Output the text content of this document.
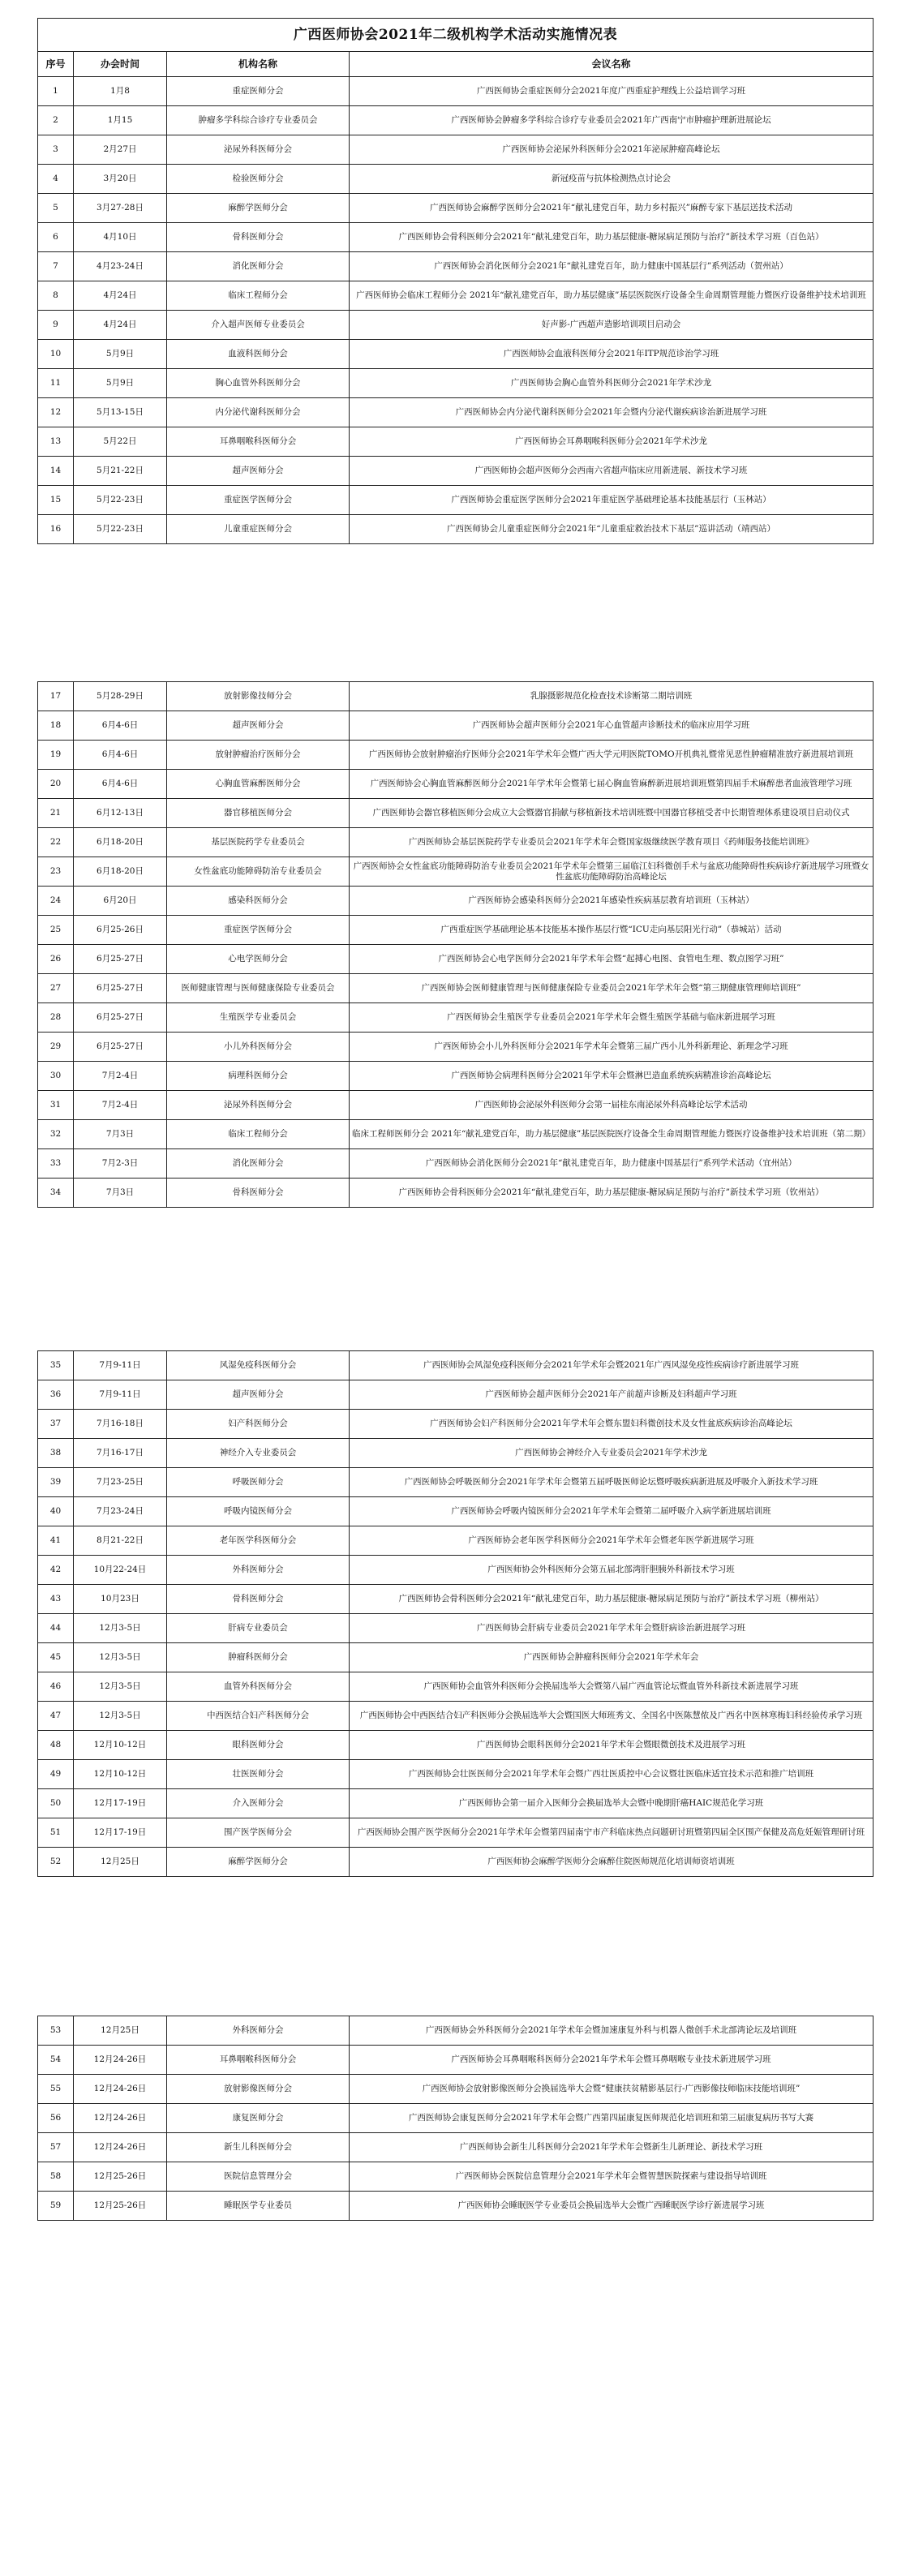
广西医师协会2021年二级机构学术活动实施情况表			
序号	办会时间	机构名称	会议名称
1	1月8	重症医师分会	广西医师协会重症医师分会2021年度广西重症护理线上公益培训学习班
2	1月15	肿瘤多学科综合诊疗专业委员会	广西医师协会肿瘤多学科综合诊疗专业委员会2021年广西南宁市肿瘤护理新进展论坛
3	2月27日	泌尿外科医师分会	广西医师协会泌尿外科医师分会2021年泌尿肿瘤高峰论坛
4	3月20日	检验医师分会	新冠疫苗与抗体检测热点讨论会
5	3月27-28日	麻醉学医师分会	广西医师协会麻醉学医师分会2021年“献礼建党百年，助力乡村振兴”麻醉专家下基层送技术活动
6	4月10日	骨科医师分会	广西医师协会骨科医师分会2021年“献礼建党百年，助力基层健康-糖尿病足预防与治疗”新技术学习班（百色站）
7	4月23-24日	消化医师分会	广西医师协会消化医师分会2021年“献礼建党百年，助力健康中国基层行”系列活动（贺州站）
8	4月24日	临床工程师分会	广西医师协会临床工程师分会 2021年“献礼建党百年，助力基层健康”基层医院医疗设备全生命周期管理能力暨医疗设备维护技术培训班
9	4月24日	介入超声医师专业委员会	好声影-广西超声造影培训项目启动会
10	5月9日	血液科医师分会	广西医师协会血液科医师分会2021年ITP规范诊治学习班
11	5月9日	胸心血管外科医师分会	广西医师协会胸心血管外科医师分会2021年学术沙龙
12	5月13-15日	内分泌代谢科医师分会	广西医师协会内分泌代谢科医师分会2021年会暨内分泌代谢疾病诊治新进展学习班
13	5月22日	耳鼻咽喉科医师分会	广西医师协会耳鼻咽喉科医师分会2021年学术沙龙
14	5月21-22日	超声医师分会	广西医师协会超声医师分会西南六省超声临床应用新进展、新技术学习班
15	5月22-23日	重症医学医师分会	广西医师协会重症医学医师分会2021年重症医学基础理论基本技能基层行（玉林站）
16	5月22-23日	儿童重症医师分会	广西医师协会儿童重症医师分会2021年“儿童重症救治技术下基层”巡讲活动（靖西站）
17	5月28-29日	放射影像技师分会	乳腺摄影规范化检查技术诊断第二期培训班
18	6月4-6日	超声医师分会	广西医师协会超声医师分会2021年心血管超声诊断技术的临床应用学习班
19	6月4-6日	放射肿瘤治疗医师分会	广西医师协会放射肿瘤治疗医师分会2021年学术年会暨广西大学元明医院TOMO开机典礼暨常见恶性肿瘤精准放疗新进展培训班
20	6月4-6日	心胸血管麻醉医师分会	广西医师协会心胸血管麻醉医师分会2021年学术年会暨第七届心胸血管麻醉新进展培训班暨第四届手术麻醉患者血液管理学习班
21	6月12-13日	器官移植医师分会	广西医师协会器官移植医师分会成立大会暨器官捐献与移植新技术培训班暨中国器官移植受者中长期管理体系建设项目启动仪式
22	6月18-20日	基层医院药学专业委员会	广西医师协会基层医院药学专业委员会2021年学术年会暨国家级继续医学教育项目《药师服务技能培训班》
23	6月18-20日	女性盆底功能障碍防治专业委员会	广西医师协会女性盆底功能障碍防治专业委员会2021年学术年会暨第三届临江妇科微创手术与盆底功能障碍性疾病诊疗新进展学习班暨女性盆底功能障碍防治高峰论坛
24	6月20日	感染科医师分会	广西医师协会感染科医师分会2021年感染性疾病基层教育培训班（玉林站）
25	6月25-26日	重症医学医师分会	广西重症医学基础理论基本技能基本操作基层行暨“ICU走向基层阳光行动”（恭城站）活动
26	6月25-27日	心电学医师分会	广西医师协会心电学医师分会2021年学术年会暨“起搏心电图、食管电生理、数点图学习班”
27	6月25-27日	医师健康管理与医师健康保险专业委员会	广西医师协会医师健康管理与医师健康保险专业委员会2021年学术年会暨“第三期健康管理师培训班”
28	6月25-27日	生殖医学专业委员会	广西医师协会生殖医学专业委员会2021年学术年会暨生殖医学基础与临床新进展学习班
29	6月25-27日	小儿外科医师分会	广西医师协会小儿外科医师分会2021年学术年会暨第三届广西小儿外科新理论、新理念学习班
30	7月2-4日	病理科医师分会	广西医师协会病理科医师分会2021年学术年会暨淋巴造血系统疾病精准诊治高峰论坛
31	7月2-4日	泌尿外科医师分会	广西医师协会泌尿外科医师分会第一届桂东南泌尿外科高峰论坛学术活动
32	7月3日	临床工程师分会	临床工程师医师分会 2021年“献礼建党百年，助力基层健康”基层医院医疗设备全生命周期管理能力暨医疗设备维护技术培训班（第二期）
33	7月2-3日	消化医师分会	广西医师协会消化医师分会2021年“献礼建党百年，助力健康中国基层行”系列学术活动（宜州站）
34	7月3日	骨科医师分会	广西医师协会骨科医师分会2021年“献礼建党百年，助力基层健康-糖尿病足预防与治疗”新技术学习班（钦州站）
35	7月9-11日	风湿免疫科医师分会	广西医师协会风湿免疫科医师分会2021年学术年会暨2021年广西风湿免疫性疾病诊疗新进展学习班
36	7月9-11日	超声医师分会	广西医师协会超声医师分会2021年产前超声诊断及妇科超声学习班
37	7月16-18日	妇产科医师分会	广西医师协会妇产科医师分会2021年学术年会暨东盟妇科微创技术及女性盆底疾病诊治高峰论坛
38	7月16-17日	神经介入专业委员会	广西医师协会神经介入专业委员会2021年学术沙龙
39	7月23-25日	呼吸医师分会	广西医师协会呼吸医师分会2021年学术年会暨第五届呼吸医师论坛暨呼吸疾病新进展及呼吸介入新技术学习班
40	7月23-24日	呼吸内镜医师分会	广西医师协会呼吸内镜医师分会2021年学术年会暨第二届呼吸介入病学新进展培训班
41	8月21-22日	老年医学科医师分会	广西医师协会老年医学科医师分会2021年学术年会暨老年医学新进展学习班
42	10月22-24日	外科医师分会	广西医师协会外科医师分会第五届北部湾肝胆胰外科新技术学习班
43	10月23日	骨科医师分会	广西医师协会骨科医师分会2021年“献礼建党百年，助力基层健康-糖尿病足预防与治疗”新技术学习班（柳州站）
44	12月3-5日	肝病专业委员会	广西医师协会肝病专业委员会2021年学术年会暨肝病诊治新进展学习班
45	12月3-5日	肿瘤科医师分会	广西医师协会肿瘤科医师分会2021年学术年会
46	12月3-5日	血管外科医师分会	广西医师协会血管外科医师分会换届选举大会暨第八届广西血管论坛暨血管外科新技术新进展学习班
47	12月3-5日	中西医结合妇产科医师分会	广西医师协会中西医结合妇产科医师分会换届选举大会暨国医大师班秀文、全国名中医陈慧侬及广西名中医林寒梅妇科经验传承学习班
48	12月10-12日	眼科医师分会	广西医师协会眼科医师分会2021年学术年会暨眼微创技术及进展学习班
49	12月10-12日	壮医医师分会	广西医师协会壮医医师分会2021年学术年会暨广西壮医质控中心会议暨壮医临床适宜技术示范和推广培训班
50	12月17-19日	介入医师分会	广西医师协会第一届介入医师分会换届选举大会暨中晚期肝癌HAIC规范化学习班
51	12月17-19日	围产医学医师分会	广西医师协会围产医学医师分会2021年学术年会暨第四届南宁市产科临床热点问题研讨班暨第四届全区围产保健及高危妊娠管理研讨班
52	12月25日	麻醉学医师分会	广西医师协会麻醉学医师分会麻醉住院医师规范化培训师资培训班
53	12月25日	外科医师分会	广西医师协会外科医师分会2021年学术年会暨加速康复外科与机器人微创手术北部湾论坛及培训班
54	12月24-26日	耳鼻咽喉科医师分会	广西医师协会耳鼻咽喉科医师分会2021年学术年会暨耳鼻咽喉专业技术新进展学习班
55	12月24-26日	放射影像医师分会	广西医师协会放射影像医师分会换届选举大会暨“健康扶贫精影基层行-广西影像技师临床技能培训班”
56	12月24-26日	康复医师分会	广西医师协会康复医师分会2021年学术年会暨广西第四届康复医师规范化培训班和第三届康复病历书写大赛
57	12月24-26日	新生儿科医师分会	广西医师协会新生儿科医师分会2021年学术年会暨新生儿新理论、新技术学习班
58	12月25-26日	医院信息管理分会	广西医师协会医院信息管理分会2021年学术年会暨智慧医院探索与建设指导培训班
59	12月25-26日	睡眠医学专业委员	广西医师协会睡眠医学专业委员会换届选举大会暨广西睡眠医学诊疗新进展学习班
